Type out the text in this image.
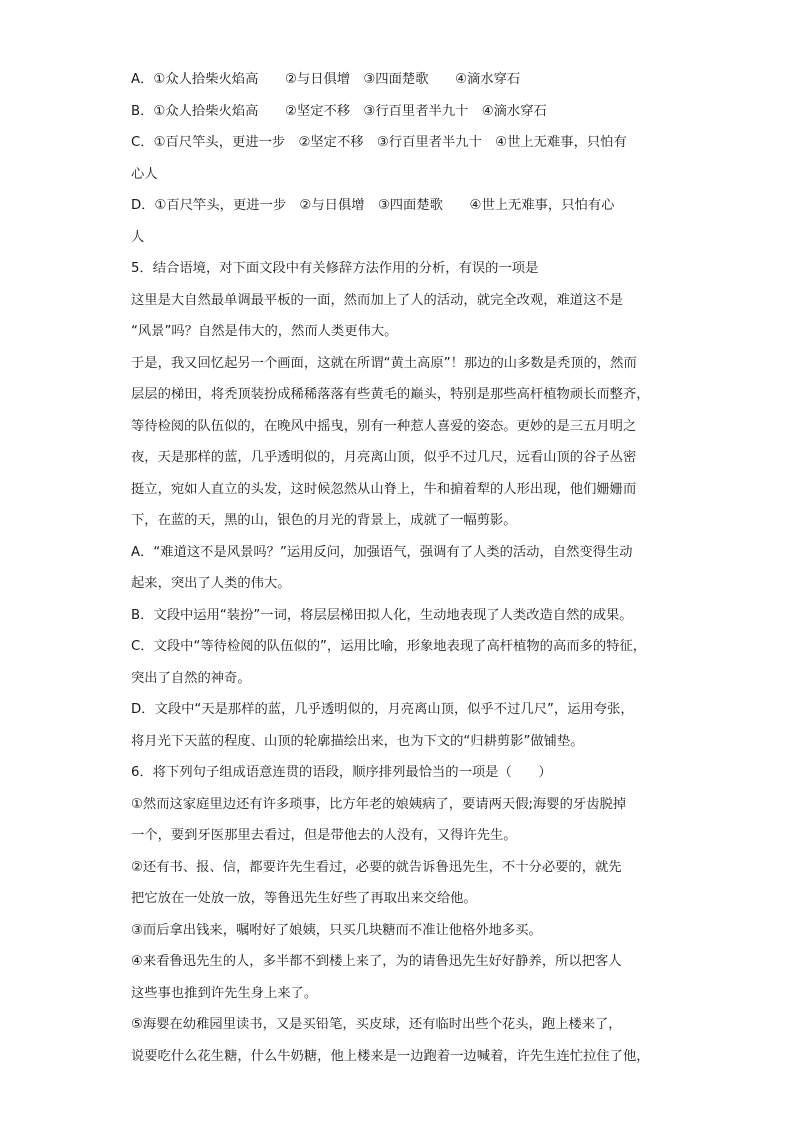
A．①众人拾柴火焰高　　②与日俱增　③四面楚歌　　④滴水穿石
B．①众人拾柴火焰高　　②坚定不移　③行百里者半九十　④滴水穿石
C．①百尺竿头，更进一步　②坚定不移　③行百里者半九十　④世上无难事，只怕有
心人
D．①百尺竿头，更进一步　②与日俱增　③四面楚歌　　④世上无难事，只怕有心
人
5．结合语境，对下面文段中有关修辞方法作用的分析，有误的一项是
这里是大自然最单调最平板的一面，然而加上了人的活动，就完全改观，难道这不是
“风景”吗？自然是伟大的，然而人类更伟大。
于是，我又回忆起另一个画面，这就在所谓“黄土高原”！那边的山多数是秃顶的，然而
层层的梯田，将秃顶装扮成稀稀落落有些黄毛的巅头，特别是那些高杆植物顽长而整齐，
等待检阅的队伍似的，在晚风中摇曳，别有一种惹人喜爱的姿态。更妙的是三五月明之
夜，天是那样的蓝，几乎透明似的，月亮离山顶，似乎不过几尺，远看山顶的谷子丛密
挺立，宛如人直立的头发，这时候忽然从山脊上，牛和掮着犁的人形出现，他们姗姗而
下，在蓝的天，黑的山，银色的月光的背景上，成就了一幅剪影。
A．“难道这不是风景吗？”运用反问，加强语气，强调有了人类的活动，自然变得生动
起来，突出了人类的伟大。
B．文段中运用“装扮”一词，将层层梯田拟人化，生动地表现了人类改造自然的成果。
C．文段中“等待检阅的队伍似的”，运用比喻，形象地表现了高杆植物的高而多的特征，
突出了自然的神奇。
D．文段中“天是那样的蓝，几乎透明似的，月亮离山顶，似乎不过几尺”，运用夸张，
将月光下天蓝的程度、山顶的轮廓描绘出来，也为下文的“归耕剪影”做铺垫。
6．将下列句子组成语意连贯的语段，顺序排列最恰当的一项是（　　）
①然而这家庭里边还有许多琐事，比方年老的娘姨病了，要请两天假;海婴的牙齿脱掉
一个，要到牙医那里去看过，但是带他去的人没有，又得许先生。
②还有书、报、信，都要许先生看过，必要的就告诉鲁迅先生，不十分必要的，就先
把它放在一处放一放，等鲁迅先生好些了再取出来交给他。
③而后拿出钱来，嘱咐好了娘姨，只买几块糖而不准让他格外地多买。
④来看鲁迅先生的人，多半都不到楼上来了，为的请鲁迅先生好好静养，所以把客人
这些事也推到许先生身上来了。
⑤海婴在幼稚园里读书，又是买铅笔，买皮球，还有临时出些个花头，跑上楼来了，
说要吃什么花生糖，什么牛奶糖，他上楼来是一边跑着一边喊着，许先生连忙拉住了他，
